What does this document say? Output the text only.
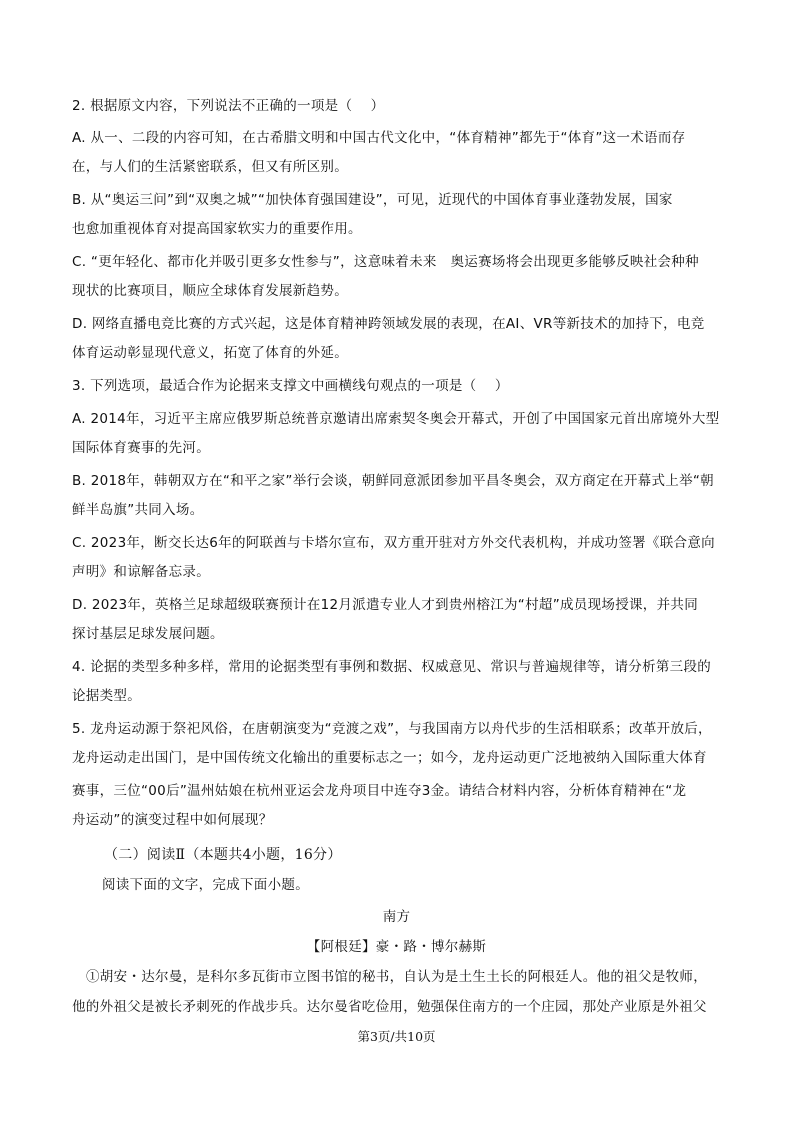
2. 根据原文内容，下列说法不正确的一项是（　 ）
A. 从一、二段的内容可知，在古希腊文明和中国古代文化中，“体育精神”都先于“体育”这一术语而存
在，与人们的生活紧密联系，但又有所区别。
B. 从“奥运三问”到“双奥之城”“加快体育强国建设”，可见，近现代的中国体育事业蓬勃发展，国家
也愈加重视体育对提高国家软实力的重要作用。
C. “更年轻化、都市化并吸引更多女性参与”，这意味着未来　奥运赛场将会出现更多能够反映社会种种
现状的比赛项目，顺应全球体育发展新趋势。
D. 网络直播电竞比赛的方式兴起，这是体育精神跨领域发展的表现，在AI、VR等新技术的加持下，电竞
体育运动彰显现代意义，拓宽了体育的外延。
3. 下列选项，最适合作为论据来支撑文中画横线句观点的一项是（　 ）
A. 2014年，习近平主席应俄罗斯总统普京邀请出席索契冬奥会开幕式，开创了中国国家元首出席境外大型
国际体育赛事的先河。
B. 2018年，韩朝双方在“和平之家”举行会谈，朝鲜同意派团参加平昌冬奥会，双方商定在开幕式上举“朝
鲜半岛旗”共同入场。
C. 2023年，断交长达6年的阿联酋与卡塔尔宣布，双方重开驻对方外交代表机构，并成功签署《联合意向
声明》和谅解备忘录。
D. 2023年，英格兰足球超级联赛预计在12月派遣专业人才到贵州榕江为“村超”成员现场授课，并共同
探讨基层足球发展问题。
4. 论据的类型多种多样，常用的论据类型有事例和数据、权威意见、常识与普遍规律等，请分析第三段的
论据类型。
5. 龙舟运动源于祭祀风俗，在唐朝演变为“竞渡之戏”，与我国南方以舟代步的生活相联系；改革开放后，
龙舟运动走出国门，是中国传统文化输出的重要标志之一；如今，龙舟运动更广泛地被纳入国际重大体育
赛事，三位“00后”温州姑娘在杭州亚运会龙舟项目中连夺3金。请结合材料内容，分析体育精神在“龙
舟运动”的演变过程中如何展现？
（二）阅读Ⅱ（本题共4小题，16分）
阅读下面的文字，完成下面小题。
南方
【阿根廷】豪・路・博尔赫斯
①胡安・达尔曼，是科尔多瓦街市立图书馆的秘书，自认为是土生土长的阿根廷人。他的祖父是牧师，
他的外祖父是被长矛刺死的作战步兵。达尔曼省吃俭用，勉强保住南方的一个庄园，那处产业原是外祖父
第3页/共10页
